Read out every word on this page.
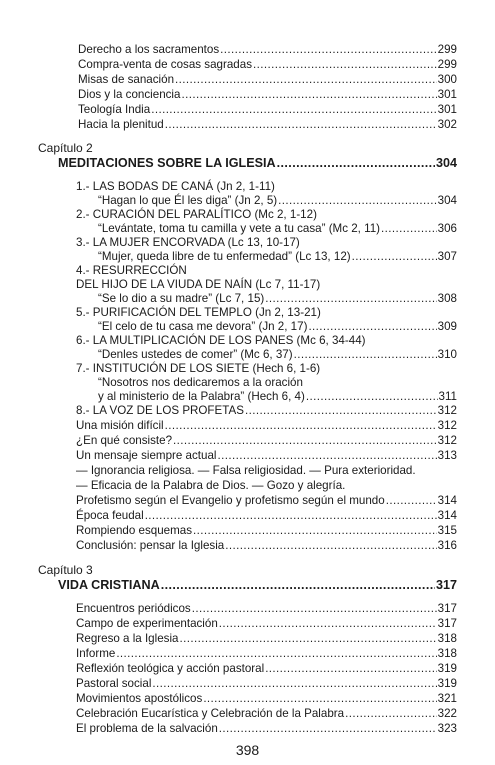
Derecho a los sacramentos .....	299
Compra-venta de cosas sagradas .....	299
Misas de sanación .....	300
Dios y la conciencia .....	301
Teología India .....	301
Hacia la plenitud .....	302
Capítulo 2
MEDITACIONES SOBRE LA IGLESIA .....	304
1.- LAS BODAS DE CANÁ (Jn 2, 1-11)
“Hagan lo que Él les diga” (Jn 2, 5) .....	304
2.- CURACIÓN DEL PARALÍTICO (Mc 2, 1-12)
“Levántate, toma tu camilla y vete a tu casa” (Mc 2, 11) .....	306
3.- LA MUJER ENCORVADA (Lc 13, 10-17)
“Mujer, queda libre de tu enfermedad” (Lc 13, 12) .....	307
4.- RESURRECCIÓN
DEL HIJO DE LA VIUDA DE NAÍN (Lc 7, 11-17)
“Se lo dio a su madre” (Lc 7, 15) .....	308
5.- PURIFICACIÓN DEL TEMPLO (Jn 2, 13-21)
“El celo de tu casa me devora” (Jn 2, 17) .....	309
6.- LA MULTIPLICACIÓN DE LOS PANES (Mc 6, 34-44)
“Denles ustedes de comer” (Mc 6, 37) .....	310
7.- INSTITUCIÓN DE LOS SIETE (Hech 6, 1-6)
“Nosotros nos dedicaremos a la oración
y al ministerio de la Palabra” (Hech 6, 4) .....	311
8.- LA VOZ DE LOS PROFETAS .....	312
Una misión difícil .....	312
¿En qué consiste? .....	312
Un mensaje siempre actual .....	313
— Ignorancia religiosa. — Falsa religiosidad. — Pura exterioridad.
— Eficacia de la Palabra de Dios. — Gozo y alegría.
Profetismo según el Evangelio y profetismo según el mundo .....	314
Época feudal .....	314
Rompiendo esquemas .....	315
Conclusión: pensar la Iglesia .....	316
Capítulo 3
VIDA CRISTIANA .....	317
Encuentros periódicos .....	317
Campo de experimentación .....	317
Regreso a la Iglesia .....	318
Informe .....	318
Reflexión teológica y acción pastoral .....	319
Pastoral social .....	319
Movimientos apostólicos .....	321
Celebración Eucarística y Celebración de la Palabra .....	322
El problema de la salvación .....	323
398
